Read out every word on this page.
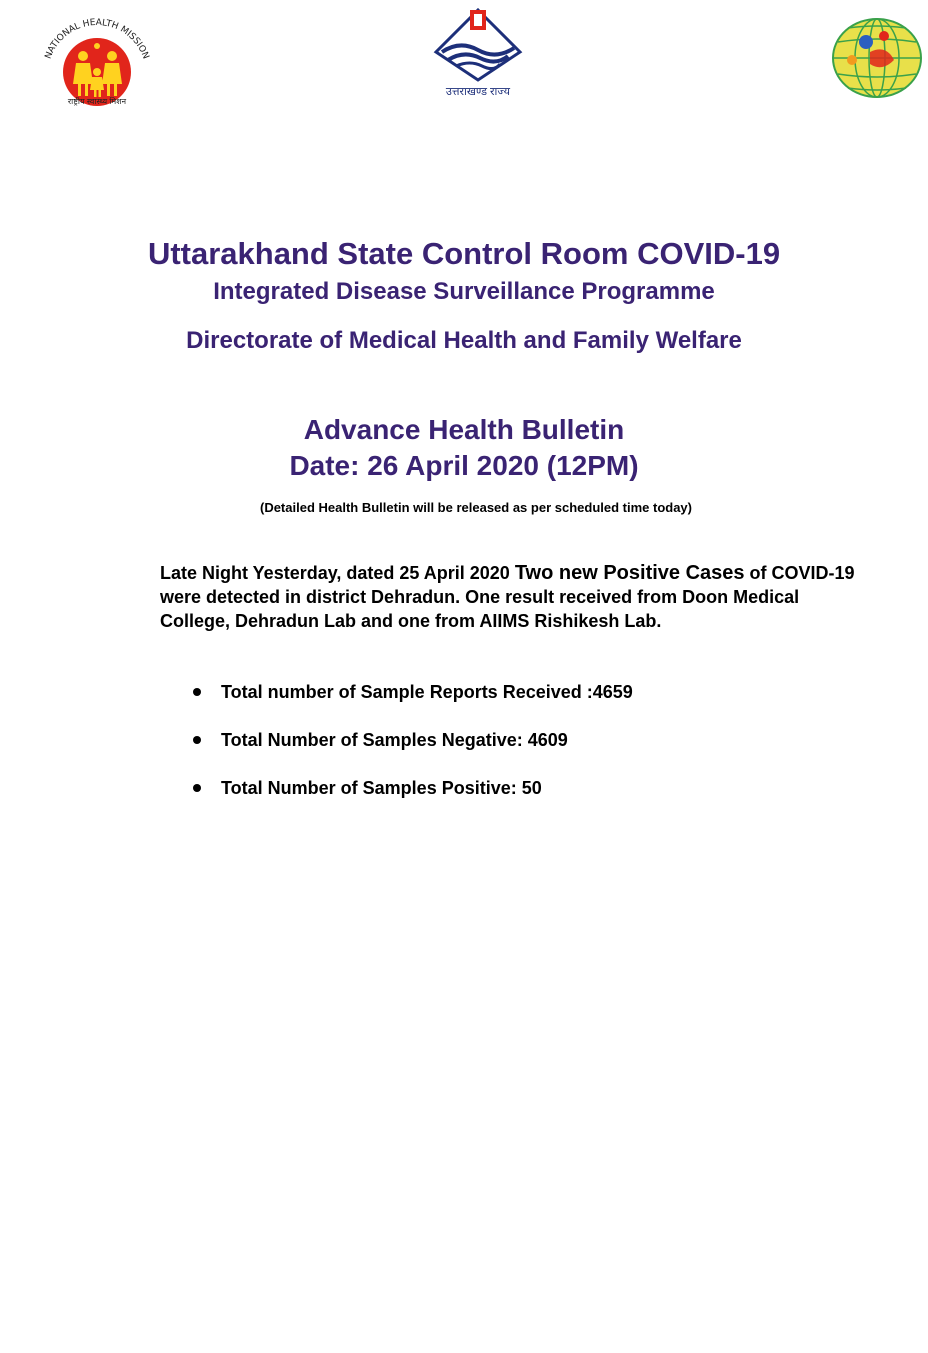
NATIONAL HEALTH MISSION
राष्ट्रीय स्वास्थ्य मिशन
उत्तराखण्ड राज्य
Uttarakhand State Control Room COVID-19
Integrated Disease Surveillance Programme
Directorate of Medical Health and Family Welfare
Advance Health Bulletin
Date: 26 April 2020 (12PM)
(Detailed Health Bulletin will be released as per scheduled time today)
Late Night Yesterday, dated 25 April 2020 Two new Positive Cases of COVID-19 were detected in district Dehradun. One result received from Doon Medical College, Dehradun Lab and one from AIIMS Rishikesh Lab.
Total number of Sample Reports Received :4659
Total Number of Samples Negative: 4609
Total Number of Samples Positive: 50
